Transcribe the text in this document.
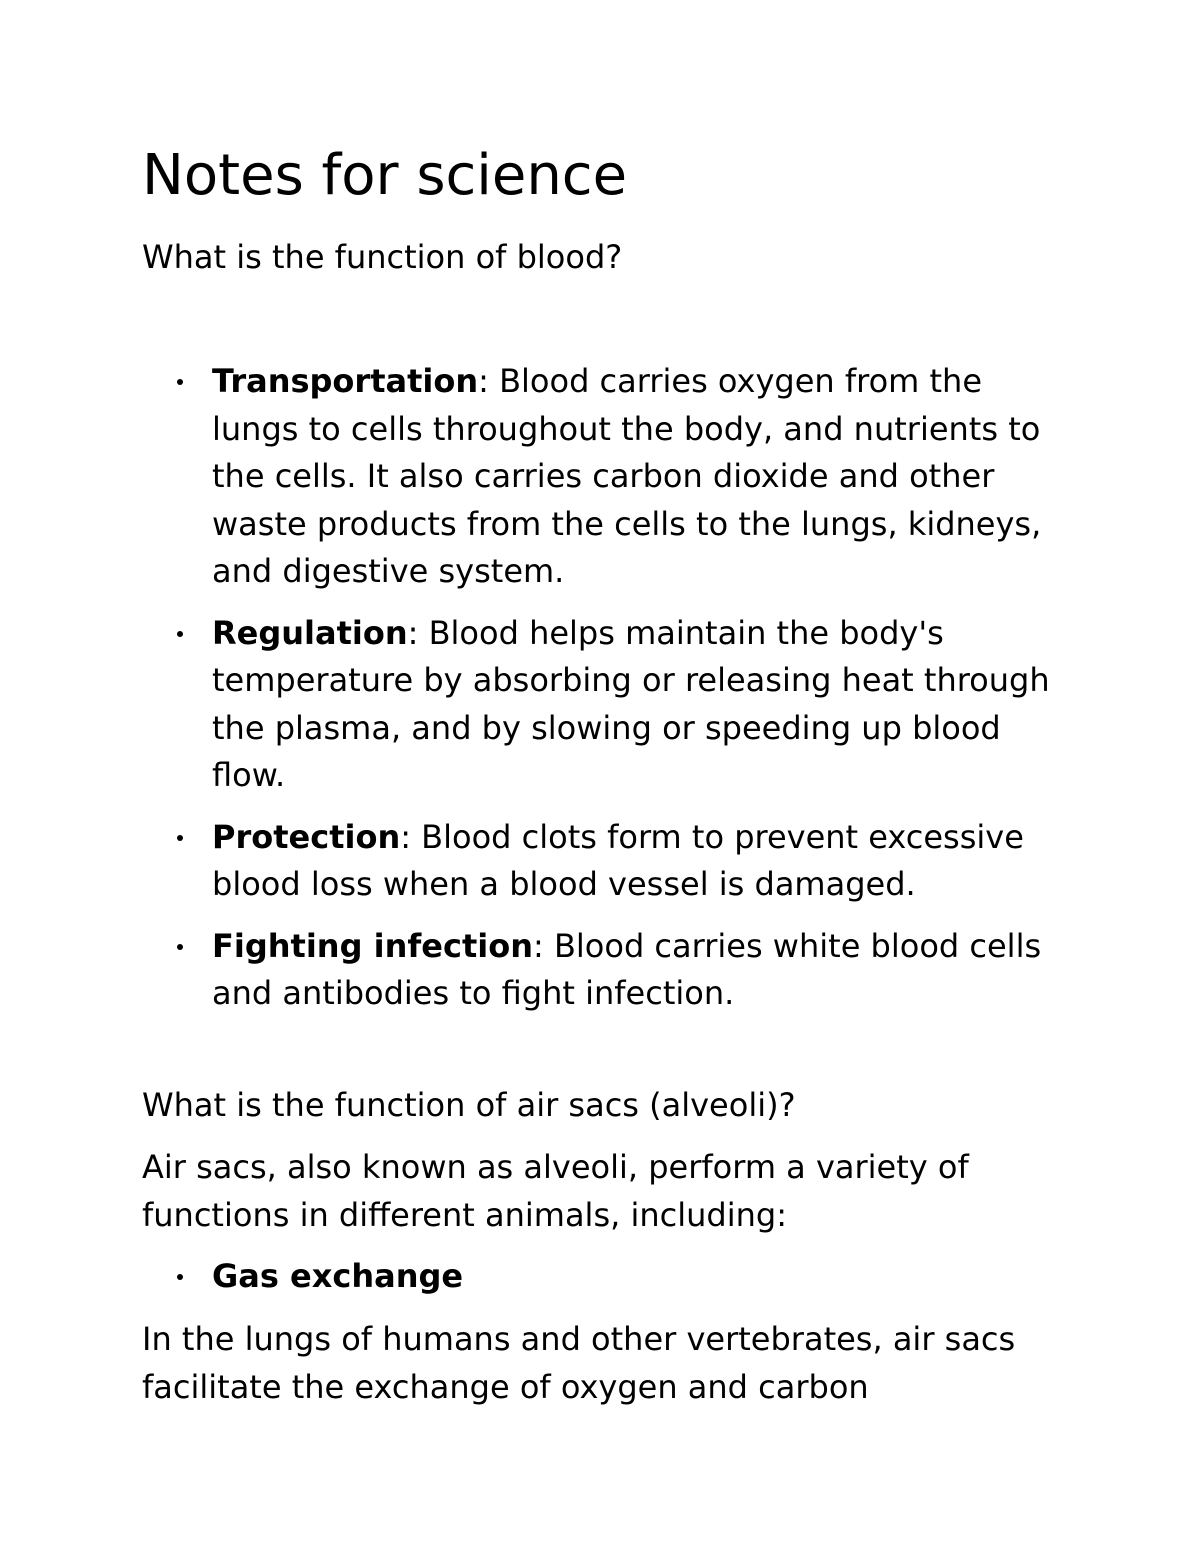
Notes for science

What is the function of blood?

Transportation: Blood carries oxygen from the lungs to cells throughout the body, and nutrients to the cells. It also carries carbon dioxide and other waste products from the cells to the lungs, kidneys, and digestive system.
Regulation: Blood helps maintain the body's temperature by absorbing or releasing heat through the plasma, and by slowing or speeding up blood flow.
Protection: Blood clots form to prevent excessive blood loss when a blood vessel is damaged.
Fighting infection: Blood carries white blood cells and antibodies to fight infection.

What is the function of air sacs (alveoli)?

Air sacs, also known as alveoli, perform a variety of functions in different animals, including:

Gas exchange

In the lungs of humans and other vertebrates, air sacs facilitate the exchange of oxygen and carbon
